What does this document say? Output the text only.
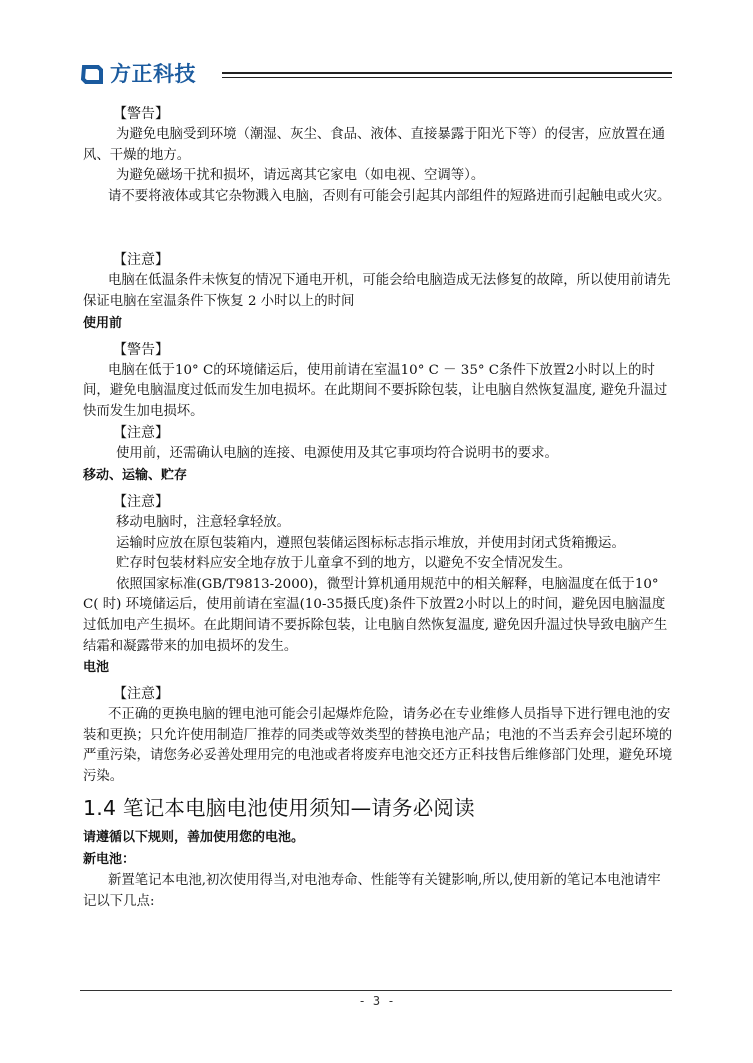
方正科技
【警告】

为避免电脑受到环境（潮湿、灰尘、食品、液体、直接暴露于阳光下等）的侵害，应放置在通风、干燥的地方。

为避免磁场干扰和损坏，请远离其它家电（如电视、空调等）。

请不要将液体或其它杂物溅入电脑，否则有可能会引起其内部组件的短路进而引起触电或火灾。

【注意】

电脑在低温条件未恢复的情况下通电开机，可能会给电脑造成无法修复的故障，所以使用前请先保证电脑在室温条件下恢复 2 小时以上的时间

使用前
【警告】

电脑在低于10° C的环境储运后，使用前请在室温10° C － 35° C条件下放置2小时以上的时间，避免电脑温度过低而发生加电损坏。在此期间不要拆除包装，让电脑自然恢复温度, 避免升温过快而发生加电损坏。

【注意】

使用前，还需确认电脑的连接、电源使用及其它事项均符合说明书的要求。

移动、运输、贮存
【注意】

移动电脑时，注意轻拿轻放。

运输时应放在原包装箱内，遵照包装储运图标标志指示堆放，并使用封闭式货箱搬运。

贮存时包装材料应安全地存放于儿童拿不到的地方，以避免不安全情况发生。

依照国家标准(GB/T9813-2000)，微型计算机通用规范中的相关解释，电脑温度在低于10° C( 时) 环境储运后，使用前请在室温(10-35摄氏度)条件下放置2小时以上的时间，避免因电脑温度过低加电产生损坏。在此期间请不要拆除包装，让电脑自然恢复温度, 避免因升温过快导致电脑产生结霜和凝露带来的加电损坏的发生。

电池
【注意】

不正确的更换电脑的锂电池可能会引起爆炸危险，请务必在专业维修人员指导下进行锂电池的安装和更换；只允许使用制造厂推荐的同类或等效类型的替换电池产品；电池的不当丢弃会引起环境的严重污染，请您务必妥善处理用完的电池或者将废弃电池交还方正科技售后维修部门处理，避免环境污染。

1.4 笔记本电脑电池使用须知—请务必阅读
请遵循以下规则，善加使用您的电池。
新电池：

新置笔记本电池,初次使用得当,对电池寿命、性能等有关键影响,所以,使用新的笔记本电池请牢记以下几点:

- 3 -
